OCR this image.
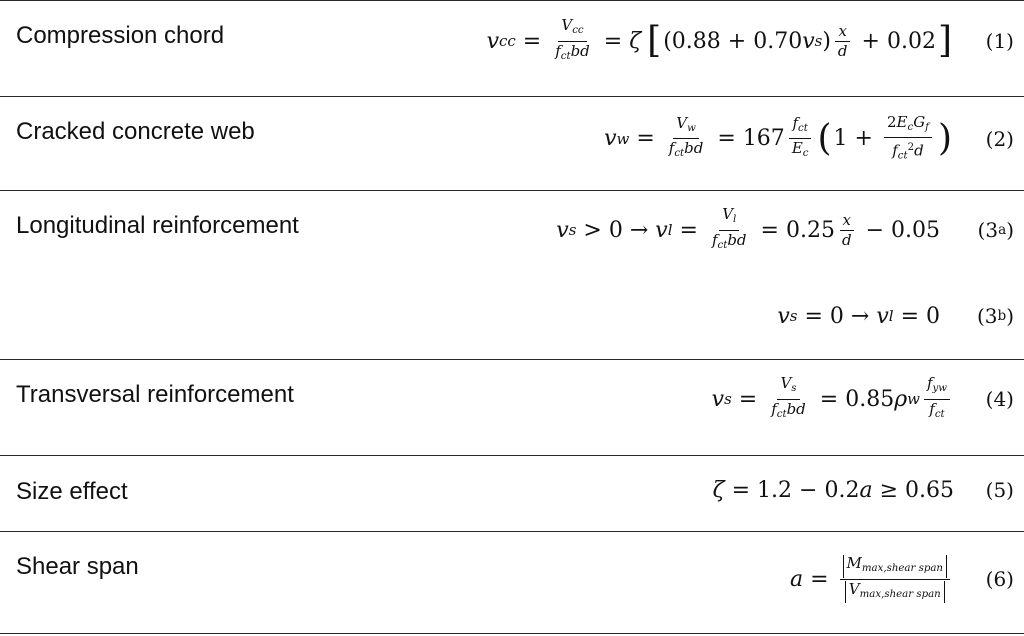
Compression chord	v cc = $\frac{V_{cc}}{f_{ct}bd} = \zeta$ [ ( 0.88 + 0.70 v s ) $\frac{x}{d} + 0.02$ ] (1)
Cracked concrete web	v $w = \frac{V_w}{f_{ct}bd} = 167 \frac{f_{ct}}{E_c}$ ( $1 + \frac{2E_cG_f}{f_{ct}^2d}$ ) (2)
Longitudinal reinforcement	v s > 0 → v $l = \frac{V_l}{f_{ct}bd} = 0.25 \frac{x}{d} - 0.05$ (3 a )
v s = 0 → v l = 0 (3 b )
Transversal reinforcement	v $s = \frac{V_s}{f_{ct}bd} = 0.85$ ρ w $\frac{f_{yw}}{f_{ct}} (4)$
Size effect	ζ = 1.2 − 0.2 a ≥ 0.65 (5)
Shear span	$a = \frac{M_{max,shear span}}{V_{max,shear span}} (6)$
